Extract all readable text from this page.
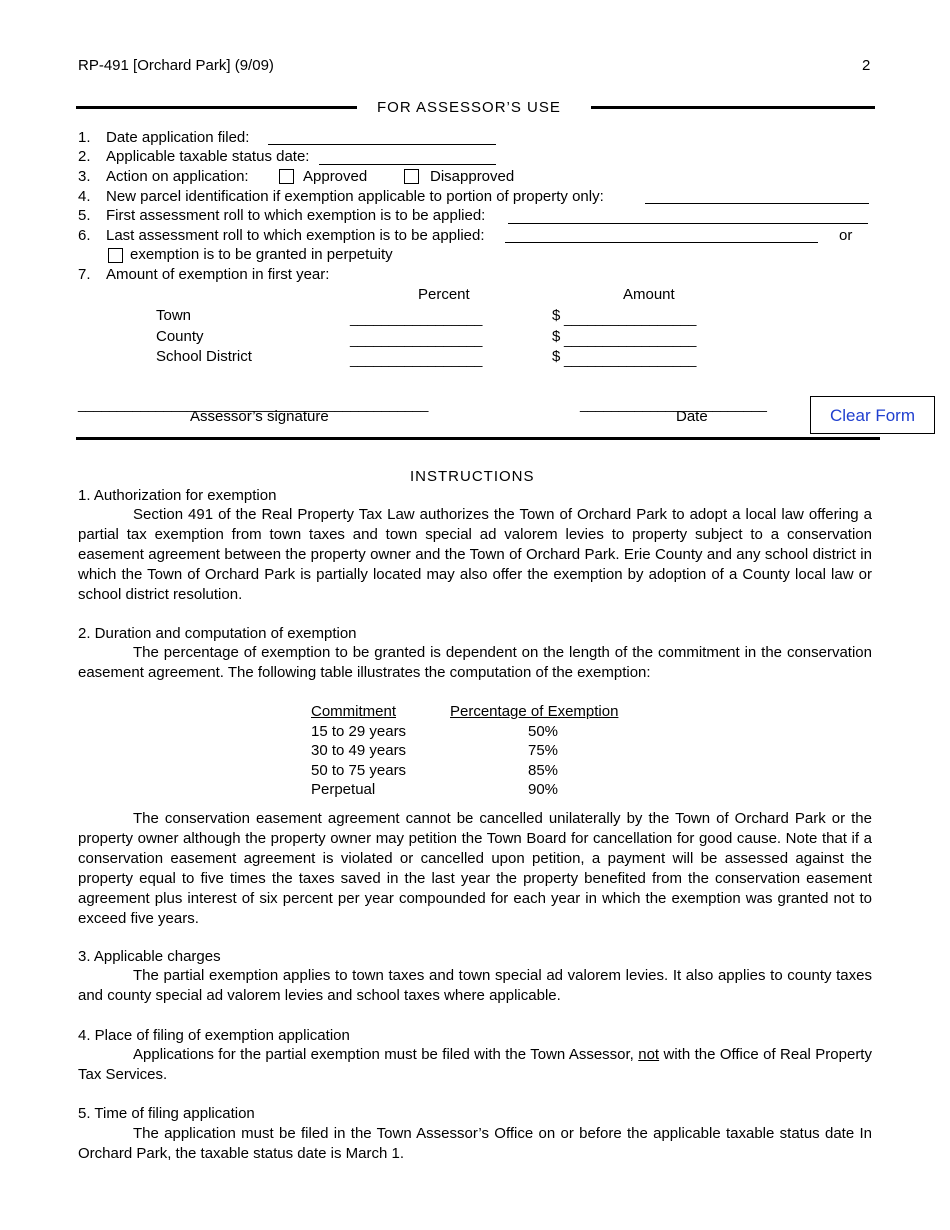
RP-491 [Orchard Park] (9/09)	2
FOR ASSESSOR’S USE
1. Date application filed:
2. Applicable taxable status date:
3. Action on application:	Approved	Disapproved
4. New parcel identification if exemption applicable to portion of property only:
5. First assessment roll to which exemption is to be applied:
6. Last assessment roll to which exemption is to be applied:	or
exemption is to be granted in perpetuity
7. Amount of exemption in first year:
Percent	Amount
Town	_________________	$ _________________
County	_________________	$ _________________
School District	_________________	$ _________________
_____________________________________________
Assessor’s signature
________________________
Date	Clear Form
INSTRUCTIONS
1. Authorization for exemption
Section 491 of the Real Property Tax Law authorizes the Town of Orchard Park to adopt a local law offering a partial tax exemption from town taxes and town special ad valorem levies to property subject to a conservation easement agreement between the property owner and the Town of Orchard Park. Erie County and any school district in which the Town of Orchard Park is partially located may also offer the exemption by adoption of a County local law or school district resolution.
2. Duration and computation of exemption
The percentage of exemption to be granted is dependent on the length of the commitment in the conservation easement agreement. The following table illustrates the computation of the exemption:
Commitment	Percentage of Exemption
15 to 29 years	50%
30 to 49 years	75%
50 to 75 years	85%
Perpetual	90%
The conservation easement agreement cannot be cancelled unilaterally by the Town of Orchard Park or the property owner although the property owner may petition the Town Board for cancellation for good cause. Note that if a conservation easement agreement is violated or cancelled upon petition, a payment will be assessed against the property equal to five times the taxes saved in the last year the property benefited from the conservation easement agreement plus interest of six percent per year compounded for each year in which the exemption was granted not to exceed five years.
3. Applicable charges
The partial exemption applies to town taxes and town special ad valorem levies. It also applies to county taxes and county special ad valorem levies and school taxes where applicable.
4. Place of filing of exemption application
Applications for the partial exemption must be filed with the Town Assessor, not with the Office of Real Property Tax Services.
5. Time of filing application
The application must be filed in the Town Assessor’s Office on or before the applicable taxable status date In Orchard Park, the taxable status date is March 1.
